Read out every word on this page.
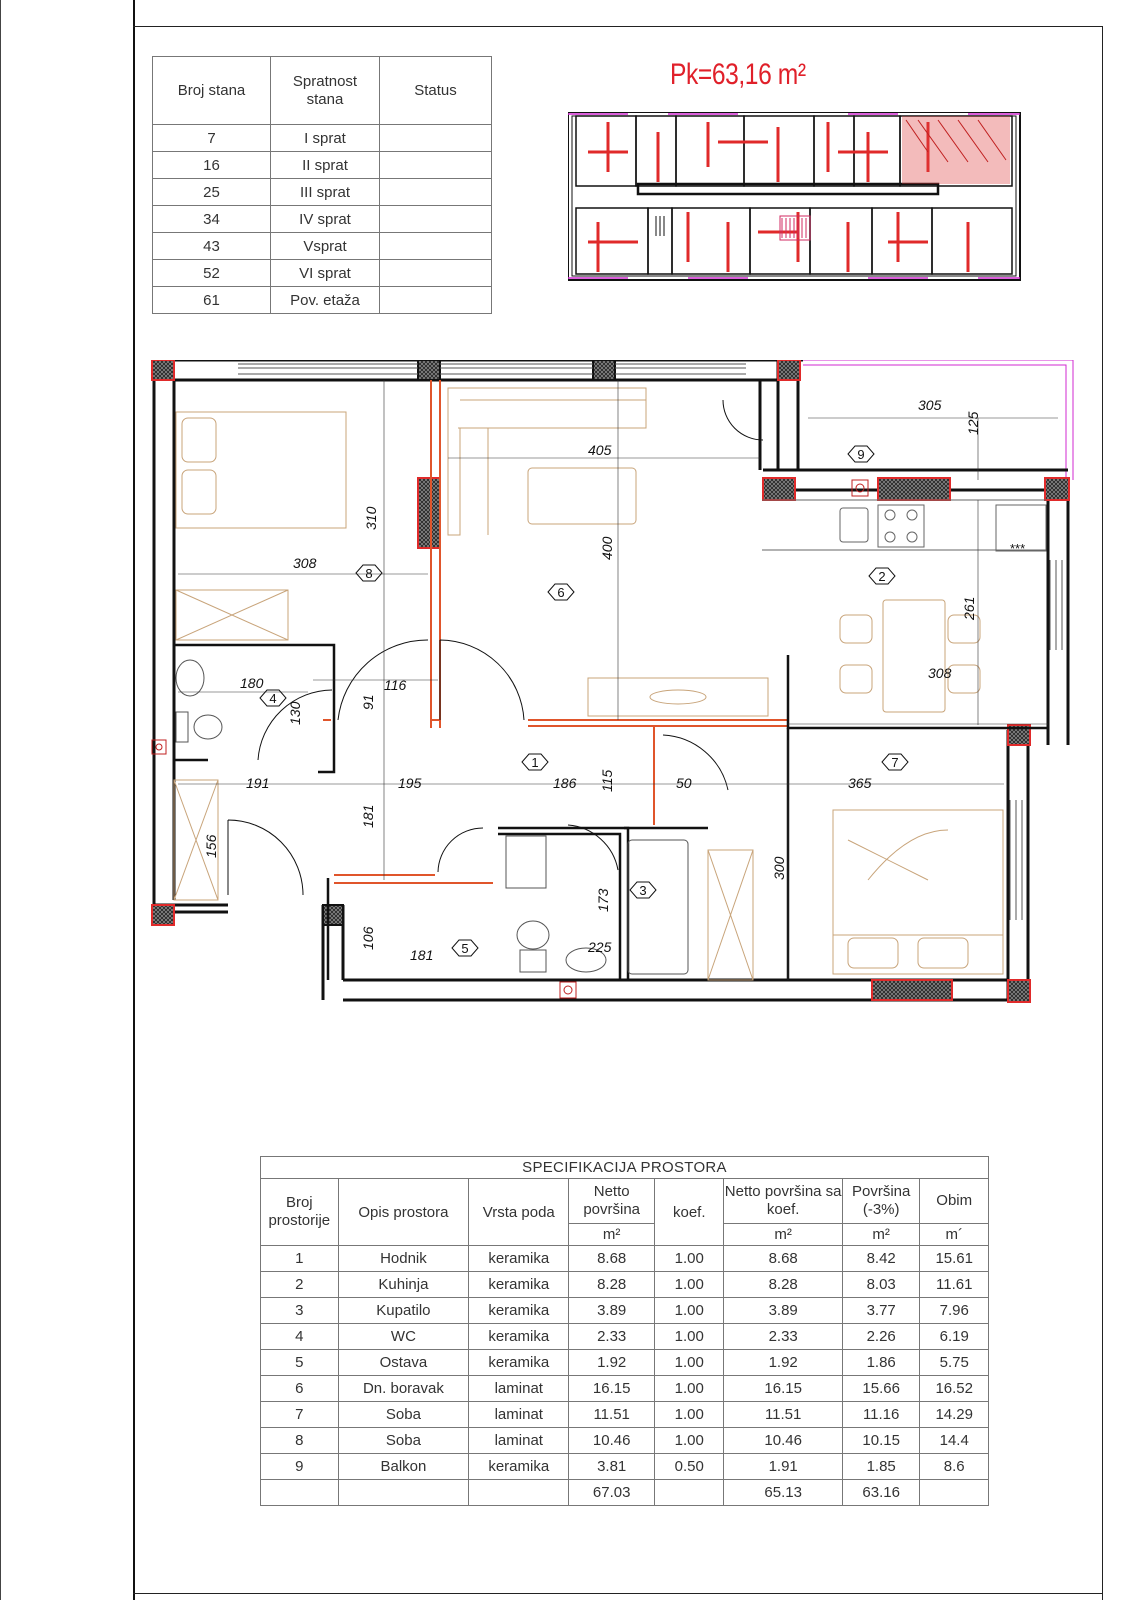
Broj stana	Spratnost stana	Status
7	I sprat	
16	II sprat	
25	III sprat	
34	IV sprat	
43	Vsprat	
52	VI sprat	
61	Pov. etaža	
Pk=63,16 m²
305
125
405
310
400
308
261
308
180
130
116
91
191	195	186 115	50	365
181
156
173
300
225
106
181
***
1
2
3
4
5
6
7
8
9
SPECIFIKACIJA PROSTORA							
Broj prostorije	Opis prostora	Vrsta poda	Netto površina	koef.	Netto površina sa koef.	Površina (-3%)	Obim
			m²		m²	m²	m´
1	Hodnik	keramika	8.68	1.00	8.68	8.42	15.61
2	Kuhinja	keramika	8.28	1.00	8.28	8.03	11.61
3	Kupatilo	keramika	3.89	1.00	3.89	3.77	7.96
4	WC	keramika	2.33	1.00	2.33	2.26	6.19
5	Ostava	keramika	1.92	1.00	1.92	1.86	5.75
6	Dn. boravak	laminat	16.15	1.00	16.15	15.66	16.52
7	Soba	laminat	11.51	1.00	11.51	11.16	14.29
8	Soba	laminat	10.46	1.00	10.46	10.15	14.4
9	Balkon	keramika	3.81	0.50	1.91	1.85	8.6
			67.03		65.13	63.16	
